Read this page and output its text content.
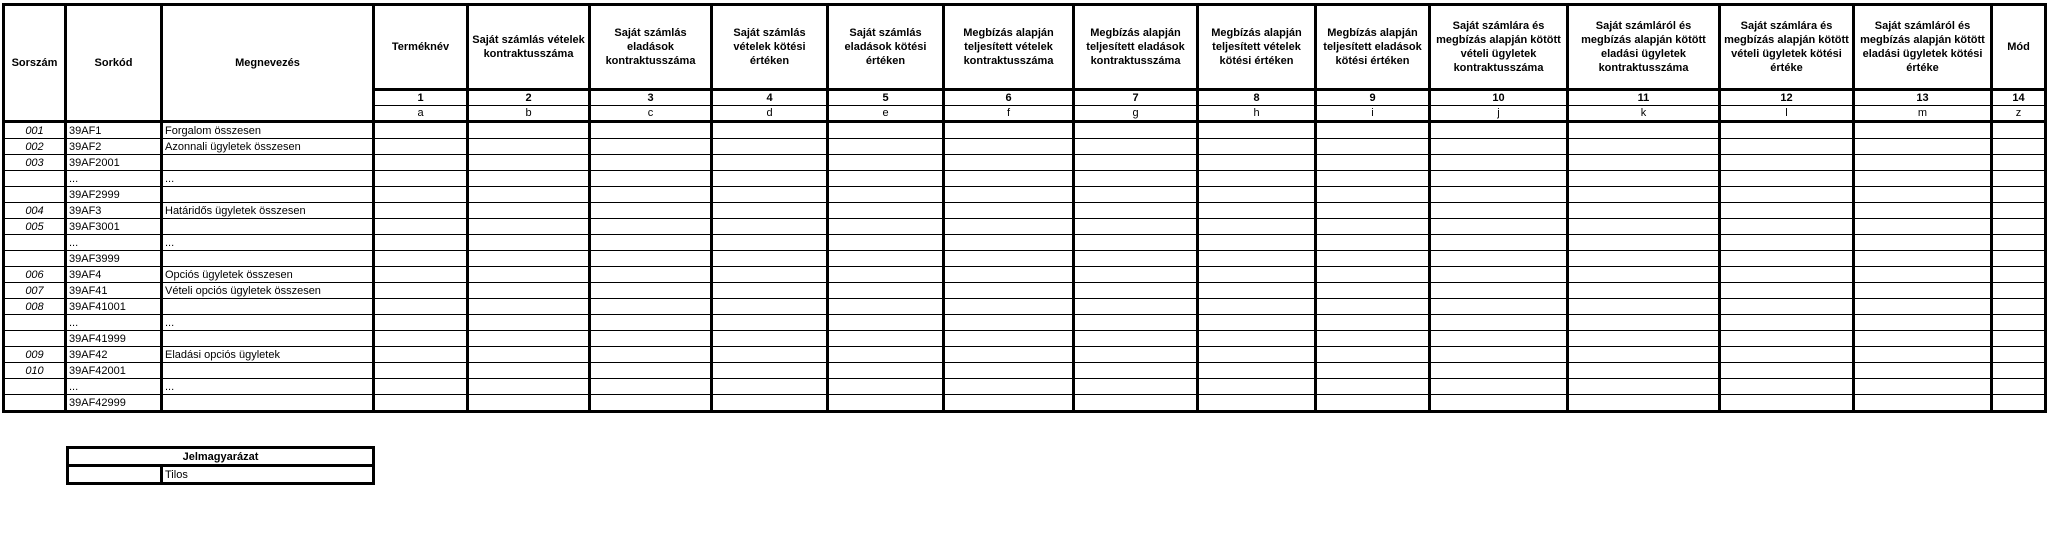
Sorszám	Sorkód	Megnevezés	Terméknév	Saját számlás vételek kontraktusszáma	Saját számlás eladások kontraktusszáma	Saját számlás vételek kötési értéken	Saját számlás eladások kötési értéken	Megbízás alapján teljesített vételek kontraktusszáma	Megbízás alapján teljesített eladások kontraktusszáma	Megbízás alapján teljesített vételek kötési értéken	Megbízás alapján teljesített eladások kötési értéken	Saját számlára és megbízás alapján kötött vételi ügyletek kontraktusszáma	Saját számláról és megbízás alapján kötött eladási ügyletek kontraktusszáma	Saját számlára és megbízás alapján kötött vételi ügyletek kötési értéke	Saját számláról és megbízás alapján kötött eladási ügyletek kötési értéke	Mód
			1	2	3	4	5	6	7	8	9	10	11	12	13	14
			a	b	c	d	e	f	g	h	i	j	k	l	m	z
001	39AF1	Forgalom összesen														
002	39AF2	Azonnali ügyletek összesen														
003	39AF2001															
	...	...														
	39AF2999															
004	39AF3	Határidős ügyletek összesen														
005	39AF3001															
	...	...														
	39AF3999															
006	39AF4	Opciós ügyletek összesen														
007	39AF41	Vételi opciós ügyletek összesen														
008	39AF41001															
	...	...														
	39AF41999															
009	39AF42	Eladási opciós ügyletek														
010	39AF42001															
	...	...														
	39AF42999															
Jelmagyarázat
	Tilos
